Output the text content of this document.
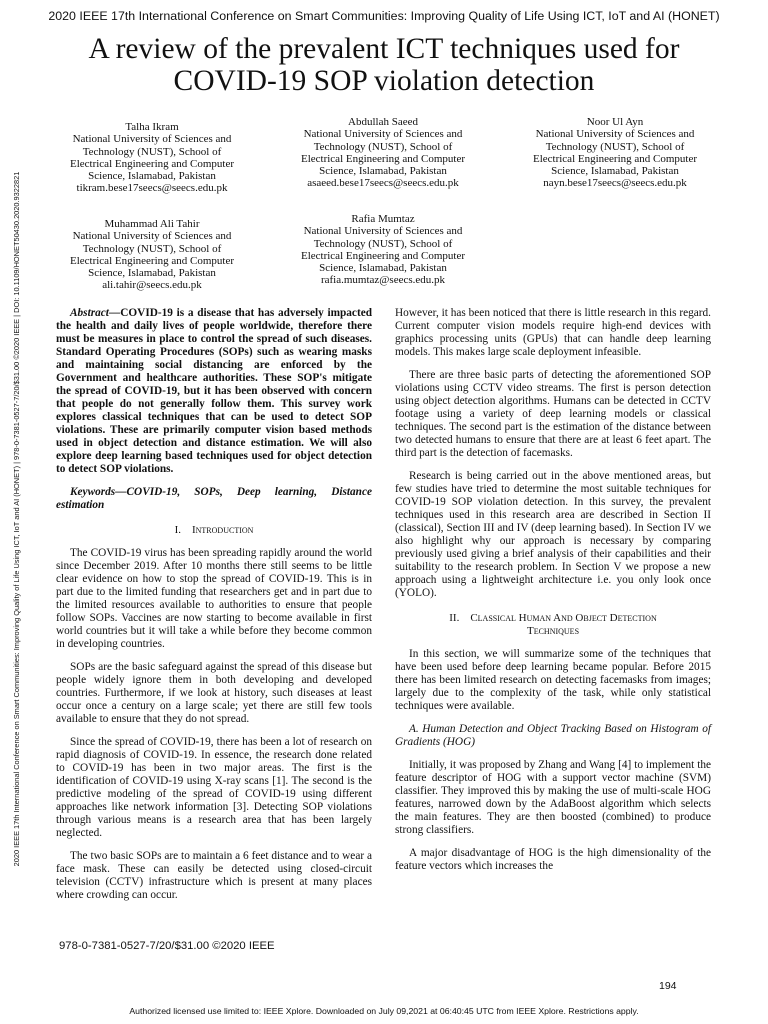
2020 IEEE 17th International Conference on Smart Communities: Improving Quality of Life Using ICT, IoT and AI (HONET)
A review of the prevalent ICT techniques used for
COVID-19 SOP violation detection
2020 IEEE 17th International Conference on Smart Communities: Improving Quality of Life Using ICT, IoT and AI (HONET) | 978-0-7381-0527-7/20/$31.00 ©2020 IEEE | DOI: 10.1109/HONET50430.2020.9322821
Talha Ikram
National University of Sciences and
Technology (NUST), School of
Electrical Engineering and Computer
Science, Islamabad, Pakistan
tikram.bese17seecs@seecs.edu.pk
Abdullah Saeed
National University of Sciences and
Technology (NUST), School of
Electrical Engineering and Computer
Science, Islamabad, Pakistan
asaeed.bese17seecs@seecs.edu.pk
Noor Ul Ayn
National University of Sciences and
Technology (NUST), School of
Electrical Engineering and Computer
Science, Islamabad, Pakistan
nayn.bese17seecs@seecs.edu.pk
Muhammad Ali Tahir
National University of Sciences and
Technology (NUST), School of
Electrical Engineering and Computer
Science, Islamabad, Pakistan
ali.tahir@seecs.edu.pk
Rafia Mumtaz
National University of Sciences and
Technology (NUST), School of
Electrical Engineering and Computer
Science, Islamabad, Pakistan
rafia.mumtaz@seecs.edu.pk

Abstract—COVID-19 is a disease that has adversely impacted the health and daily lives of people worldwide, therefore there must be measures in place to control the spread of such diseases. Standard Operating Procedures (SOPs) such as wearing masks and maintaining social distancing are enforced by the Government and healthcare authorities. These SOP's mitigate the spread of COVID-19, but it has been observed with concern that people do not generally follow them. This survey work explores classical techniques that can be used to detect SOP violations. These are primarily computer vision based methods used in object detection and distance estimation. We will also explore deep learning based techniques used for object detection to detect SOP violations.

Keywords—COVID-19, SOPs, Deep learning, Distance estimation

I. Introduction

The COVID-19 virus has been spreading rapidly around the world since December 2019. After 10 months there still seems to be little clear evidence on how to stop the spread of COVID-19. This is in part due to the limited funding that researchers get and in part due to the limited resources available to authorities to ensure that people follow SOPs. Vaccines are now starting to become available in first world countries but it will take a while before they become common in developing countries.

SOPs are the basic safeguard against the spread of this disease but people widely ignore them in both developing and developed countries. Furthermore, if we look at history, such diseases at least occur once a century on a large scale; yet there are still few tools available to ensure that they do not spread.

Since the spread of COVID-19, there has been a lot of research on rapid diagnosis of COVID-19. In essence, the research done related to COVID-19 has been in two major areas. The first is the identification of COVID-19 using X-ray scans [1]. The second is the predictive modeling of the spread of COVID-19 using different approaches like network information [3]. Detecting SOP violations through various means is a research area that has been largely neglected.

The two basic SOPs are to maintain a 6 feet distance and to wear a face mask. These can easily be detected using closed-circuit television (CCTV) infrastructure which is present at many places where crowding can occur.

However, it has been noticed that there is little research in this regard. Current computer vision models require high-end devices with graphics processing units (GPUs) that can handle deep learning models. This makes large scale deployment infeasible.

There are three basic parts of detecting the aforementioned SOP violations using CCTV video streams. The first is person detection using object detection algorithms. Humans can be detected in CCTV footage using a variety of deep learning models or classical techniques. The second part is the estimation of the distance between two detected humans to ensure that there are at least 6 feet apart. The third part is the detection of facemasks.

Research is being carried out in the above mentioned areas, but few studies have tried to determine the most suitable techniques for COVID-19 SOP violation detection. In this survey, the prevalent techniques used in this research area are described in Section II (classical), Section III and IV (deep learning based). In Section IV we also highlight why our approach is necessary by comparing previously used giving a brief analysis of their capabilities and their suitability to the research problem. In Section V we propose a new approach using a lightweight architecture i.e. you only look once (YOLO).

II. Classical Human And Object Detection
Techniques

In this section, we will summarize some of the techniques that have been used before deep learning became popular. Before 2015 there has been limited research on detecting facemasks from images; largely due to the complexity of the task, while only statistical techniques were available.

A. Human Detection and Object Tracking Based on Histogram of Gradients (HOG)

Initially, it was proposed by Zhang and Wang [4] to implement the feature descriptor of HOG with a support vector machine (SVM) classifier. They improved this by making the use of multi-scale HOG features, narrowed down by the AdaBoost algorithm which selects the main features. They are then boosted (combined) to produce strong classifiers.

A major disadvantage of HOG is the high dimensionality of the feature vectors which increases the

978-0-7381-0527-7/20/$31.00 ©2020 IEEE
194
Authorized licensed use limited to: IEEE Xplore. Downloaded on July 09,2021 at 06:40:45 UTC from IEEE Xplore. Restrictions apply.
